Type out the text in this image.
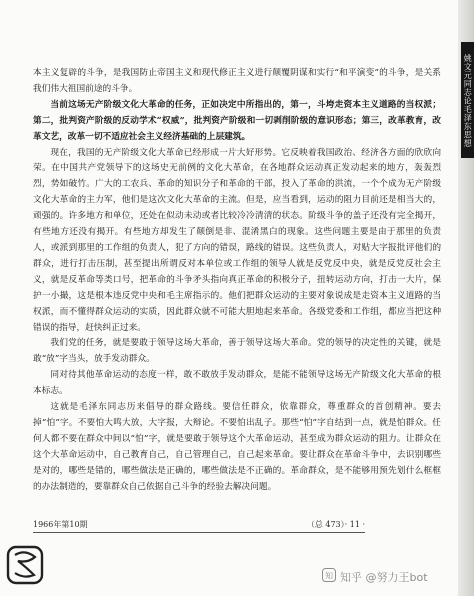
姚文元同志论毛泽东思想

本主义复辟的斗争，是我国防止帝国主义和现代修正主义进行颠覆阴谋和实行“和平演变”的斗争，是关系我们伟大祖国前途的斗争。

当前这场无产阶级文化大革命的任务，正如决定中所指出的，第一，斗垮走资本主义道路的当权派；第二，批判资产阶级的反动学术“权威”，批判资产阶级和一切剥削阶级的意识形态；第三，改革教育，改革文艺，改革一切不适应社会主义经济基础的上层建筑。

现在，我国的无产阶级文化大革命已经形成一片大好形势。它反映着我国政治、经济各方面的欣欣向荣。在中国共产党领导下的这场史无前例的文化大革命，在各地群众运动真正发动起来的地方，轰轰烈烈，势如破竹。广大的工农兵、革命的知识分子和革命的干部，投入了革命的洪流，一个个成为无产阶级文化大革命的主力军，他们是这次文化大革命的主流。但是，应当看到，运动的阻力目前还是相当大的，顽强的。许多地方和单位，还处在似动未动或者比较冷冷清清的状态。阶级斗争的盖子还没有完全揭开，有些地方还没有揭开。有些地方却发生了颠倒是非、混淆黑白的现象。这些问题主要是由于那里的负责人，或派到那里的工作组的负责人，犯了方向的错误，路线的错误。这些负责人，对贴大字报批评他们的群众，进行打击压制，甚至提出所谓反对本单位或工作组的领导人就是反党反中央，就是反党反社会主义，就是反革命等类口号，把革命的斗争矛头指向真正革命的积极分子，扭转运动方向，打击一大片，保护一小撮，这是根本违反党中央和毛主席指示的。他们把群众运动的主要对象说成是走资本主义道路的当权派，而不懂得群众运动的实质，因此群众就不可能大胆地起来革命。各级党委和工作组，都应当把这种错误的指导，赶快纠正过来。

我们党的任务，就是要敢于领导这场大革命，善于领导这场大革命。党的领导的决定性的关键，就是敢“放”字当头，放手发动群众。

同对待其他革命运动的态度一样，敢不敢放手发动群众，是能不能领导这场无产阶级文化大革命的根本标志。

这就是毛泽东同志历来倡导的群众路线。要信任群众，依靠群众，尊重群众的首创精神。要去掉“怕”字。不要怕大鸣大放，大字报，大辩论。不要怕出乱子。那些“怕”字自结到一点，就是怕群众。任何人都不要在群众中间以“怕”字，就是要敢于领导这个大革命运动，甚至成为群众运动的阻力。让群众在这个大革命运动中，自己教育自己，自己管理自己，自己起来革命。要让群众在革命斗争中，去识别哪些是对的，哪些是错的，哪些做法是正确的，哪些做法是不正确的。革命群众，是不能够用预先划什么框框的办法制造的，要靠群众自己依据自己斗争的经验去解决问题。

1966年第10期	（总 473）· 11 ·
知 知乎 @努力王bot
